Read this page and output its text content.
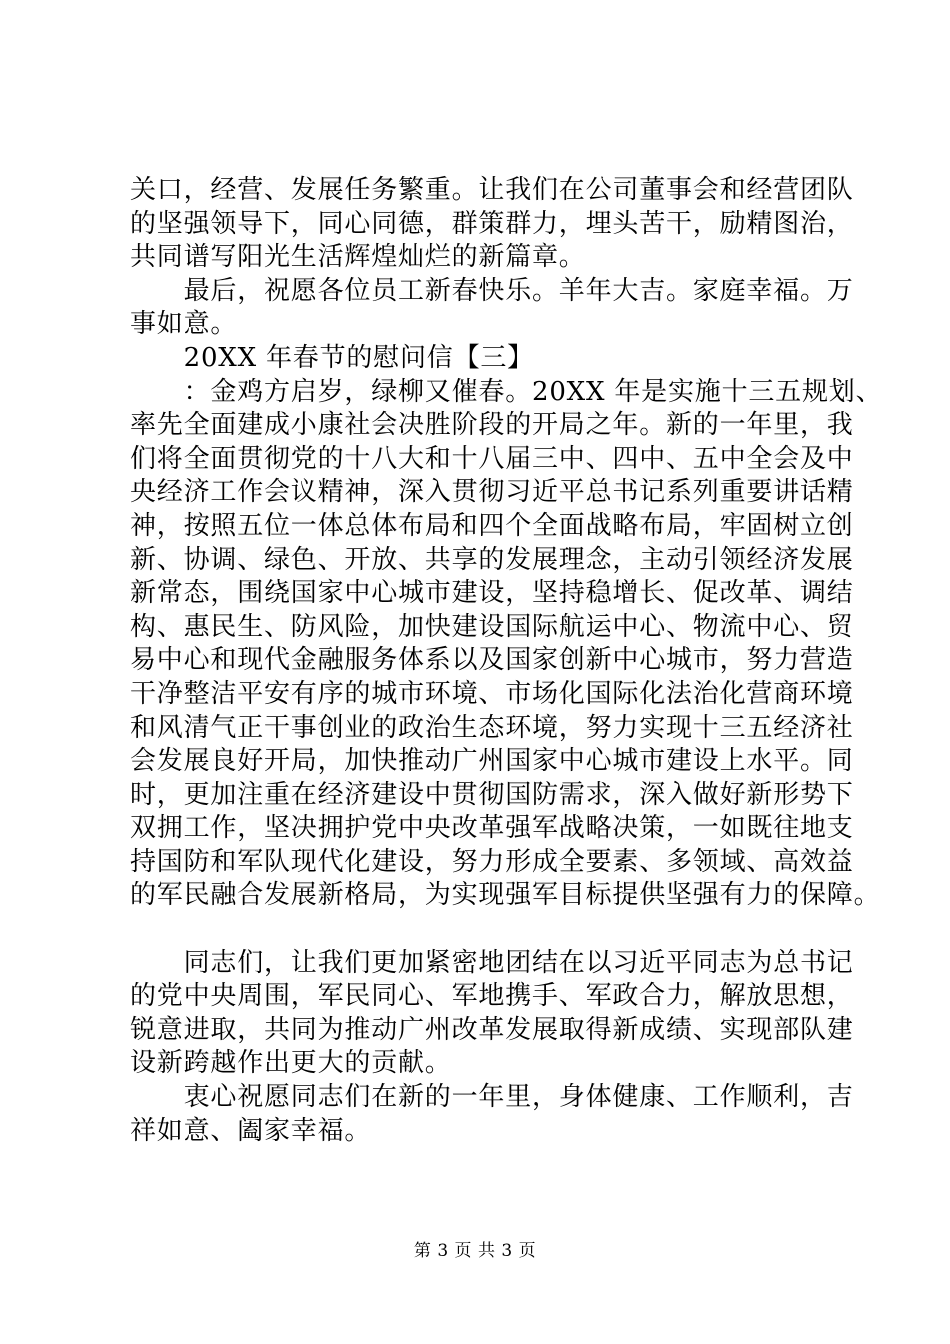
关口，经营、发展任务繁重。让我们在公司董事会和经营团队
的坚强领导下，同心同德，群策群力，埋头苦干，励精图治，
共同谱写阳光生活辉煌灿烂的新篇章。
　　最后，祝愿各位员工新春快乐。羊年大吉。家庭幸福。万
事如意。
　　20XX 年春节的慰问信【三】
　　：金鸡方启岁，绿柳又催春。20XX 年是实施十三五规划、
率先全面建成小康社会决胜阶段的开局之年。新的一年里，我
们将全面贯彻党的十八大和十八届三中、四中、五中全会及中
央经济工作会议精神，深入贯彻习近平总书记系列重要讲话精
神，按照五位一体总体布局和四个全面战略布局，牢固树立创
新、协调、绿色、开放、共享的发展理念，主动引领经济发展
新常态，围绕国家中心城市建设，坚持稳增长、促改革、调结
构、惠民生、防风险，加快建设国际航运中心、物流中心、贸
易中心和现代金融服务体系以及国家创新中心城市，努力营造
干净整洁平安有序的城市环境、市场化国际化法治化营商环境
和风清气正干事创业的政治生态环境，努力实现十三五经济社
会发展良好开局，加快推动广州国家中心城市建设上水平。同
时，更加注重在经济建设中贯彻国防需求，深入做好新形势下
双拥工作，坚决拥护党中央改革强军战略决策，一如既往地支
持国防和军队现代化建设，努力形成全要素、多领域、高效益
的军民融合发展新格局，为实现强军目标提供坚强有力的保障。
　　同志们，让我们更加紧密地团结在以习近平同志为总书记
的党中央周围，军民同心、军地携手、军政合力，解放思想，
锐意进取，共同为推动广州改革发展取得新成绩、实现部队建
设新跨越作出更大的贡献。
　　衷心祝愿同志们在新的一年里，身体健康、工作顺利，吉
祥如意、阖家幸福。
第 3 页 共 3 页
